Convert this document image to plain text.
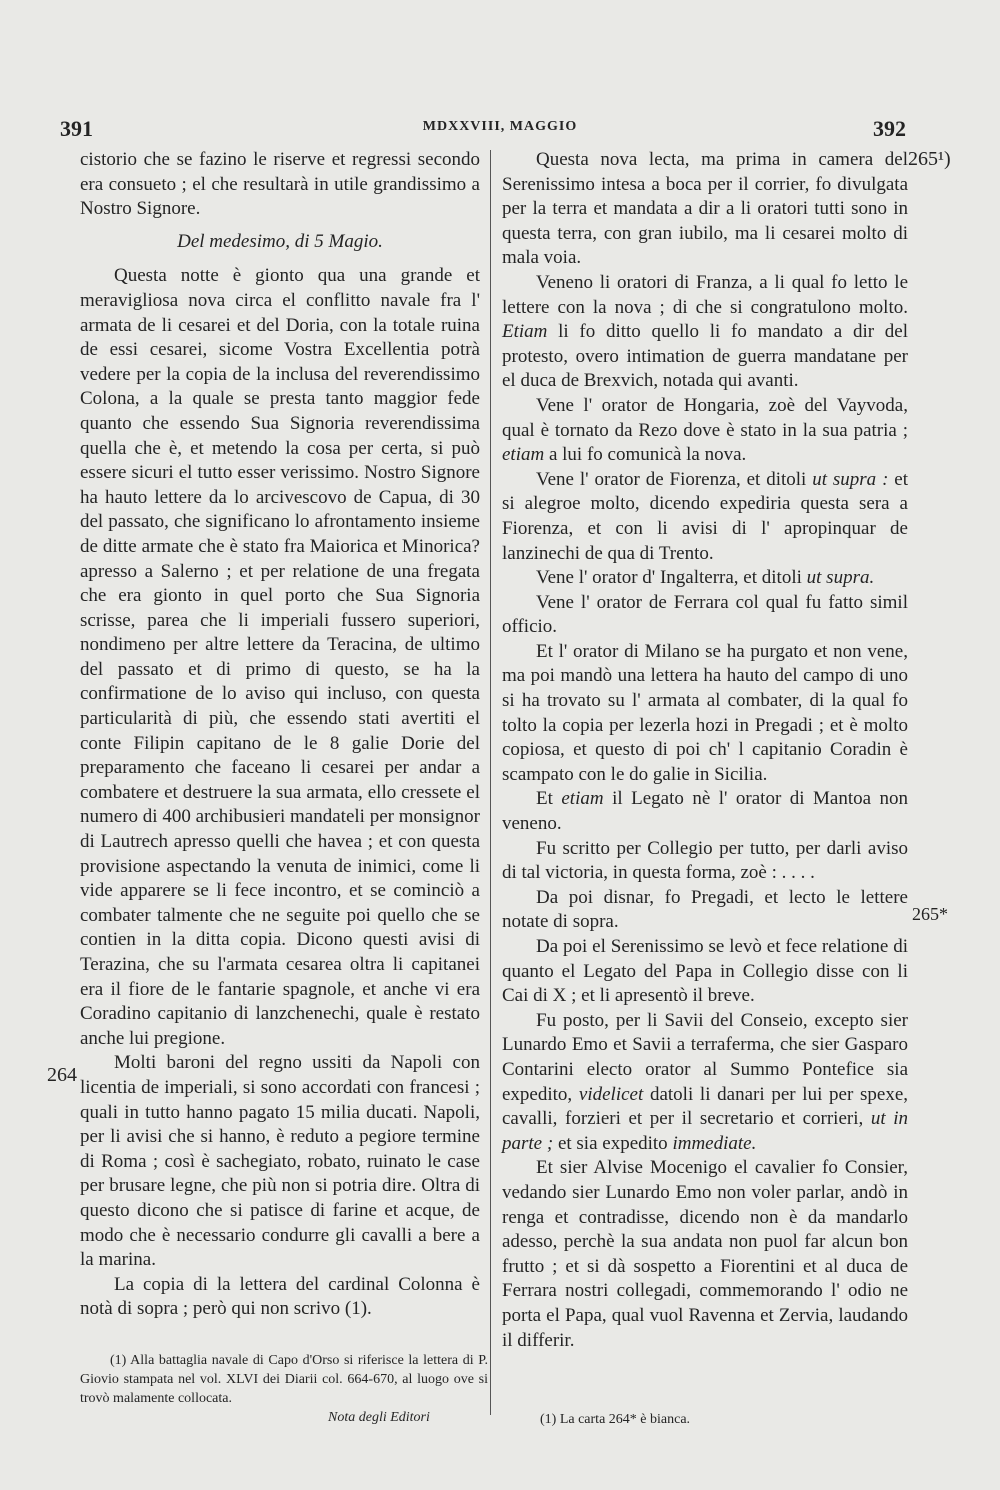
391	MDXXVIII, MAGGIO	392
264
265¹)
265*

cistorio che se fazino le riserve et regressi secondo era consueto ; el che resultarà in utile grandissimo a Nostro Signore.

Del medesimo, di 5 Magio.

Questa notte è gionto qua una grande et meravigliosa nova circa el conflitto navale fra l' armata de li cesarei et del Doria, con la totale ruina de essi cesarei, sicome Vostra Excellentia potrà vedere per la copia de la inclusa del reverendissimo Colona, a la quale se presta tanto maggior fede quanto che essendo Sua Signoria reverendissima quella che è, et metendo la cosa per certa, si può essere sicuri el tutto esser verissimo. Nostro Signore ha hauto lettere da lo arcivescovo de Capua, di 30 del passato, che significano lo afrontamento insieme de ditte armate che è stato fra Maiorica et Minorica? apresso a Salerno ; et per relatione de una fregata che era gionto in quel porto che Sua Signoria scrisse, parea che li imperiali fussero superiori, nondimeno per altre lettere da Teracina, de ultimo del passato et di primo di questo, se ha la confirmatione de lo aviso qui incluso, con questa particularità di più, che essendo stati avertiti el conte Filipin capitano de le 8 galie Dorie del preparamento che faceano li cesarei per andar a combatere et destruere la sua armata, ello cressete el numero di 400 archibusieri mandateli per monsignor di Lautrech apresso quelli che havea ; et con questa provisione aspectando la venuta de inimici, come li vide apparere se li fece incontro, et se cominciò a combater talmente che ne seguite poi quello che se contien in la ditta copia. Dicono questi avisi di Terazina, che su l'armata cesarea oltra li capitanei era il fiore de le fantarie spagnole, et anche vi era Coradino capitanio di lanzchenechi, quale è restato anche lui pregione.

Molti baroni del regno ussiti da Napoli con licentia de imperiali, si sono accordati con francesi ; quali in tutto hanno pagato 15 milia ducati. Napoli, per li avisi che si hanno, è reduto a pegiore termine di Roma ; così è sachegiato, robato, ruinato le case per brusare legne, che più non si potria dire. Oltra di questo dicono che si patisce di farine et acque, de modo che è necessario condurre gli cavalli a bere a la marina.

La copia di la lettera del cardinal Colonna è notà di sopra ; però qui non scrivo (1).

(1) Alla battaglia navale di Capo d'Orso si riferisce la lettera di P. Giovio stampata nel vol. XLVI dei Diarii col. 664-670, al luogo ove si trovò malamente collocata.

Nota degli Editori

Questa nova lecta, ma prima in camera del Serenissimo intesa a boca per il corrier, fo divulgata per la terra et mandata a dir a li oratori tutti sono in questa terra, con gran iubilo, ma li cesarei molto di mala voia.

Veneno li oratori di Franza, a li qual fo letto le lettere con la nova ; di che si congratulono molto. Etiam li fo ditto quello li fo mandato a dir del protesto, overo intimation de guerra mandatane per el duca de Brexvich, notada qui avanti.

Vene l' orator de Hongaria, zoè del Vayvoda, qual è tornato da Rezo dove è stato in la sua patria ; etiam a lui fo comunicà la nova.

Vene l' orator de Fiorenza, et ditoli ut supra : et si alegroe molto, dicendo expediria questa sera a Fiorenza, et con li avisi di l' apropinquar de lanzinechi de qua di Trento.

Vene l' orator d' Ingalterra, et ditoli ut supra.

Vene l' orator de Ferrara col qual fu fatto simil officio.

Et l' orator di Milano se ha purgato et non vene, ma poi mandò una lettera ha hauto del campo di uno si ha trovato su l' armata al combater, di la qual fo tolto la copia per lezerla hozi in Pregadi ; et è molto copiosa, et questo di poi ch' l capitanio Coradin è scampato con le do galie in Sicilia.

Et etiam il Legato nè l' orator di Mantoa non veneno.

Fu scritto per Collegio per tutto, per darli aviso di tal victoria, in questa forma, zoè : . . . .

Da poi disnar, fo Pregadi, et lecto le lettere notate di sopra.

Da poi el Serenissimo se levò et fece relatione di quanto el Legato del Papa in Collegio disse con li Cai di X ; et li apresentò il breve.

Fu posto, per li Savii del Conseio, excepto sier Lunardo Emo et Savii a terraferma, che sier Gasparo Contarini electo orator al Summo Pontefice sia expedito, videlicet datoli li danari per lui per spexe, cavalli, forzieri et per il secretario et corrieri, ut in parte ; et sia expedito immediate.

Et sier Alvise Mocenigo el cavalier fo Consier, vedando sier Lunardo Emo non voler parlar, andò in renga et contradisse, dicendo non è da mandarlo adesso, perchè la sua andata non puol far alcun bon frutto ; et si dà sospetto a Fiorentini et al duca de Ferrara nostri collegadi, commemorando l' odio ne porta el Papa, qual vuol Ravenna et Zervia, laudando il differir.

(1) La carta 264* è bianca.
